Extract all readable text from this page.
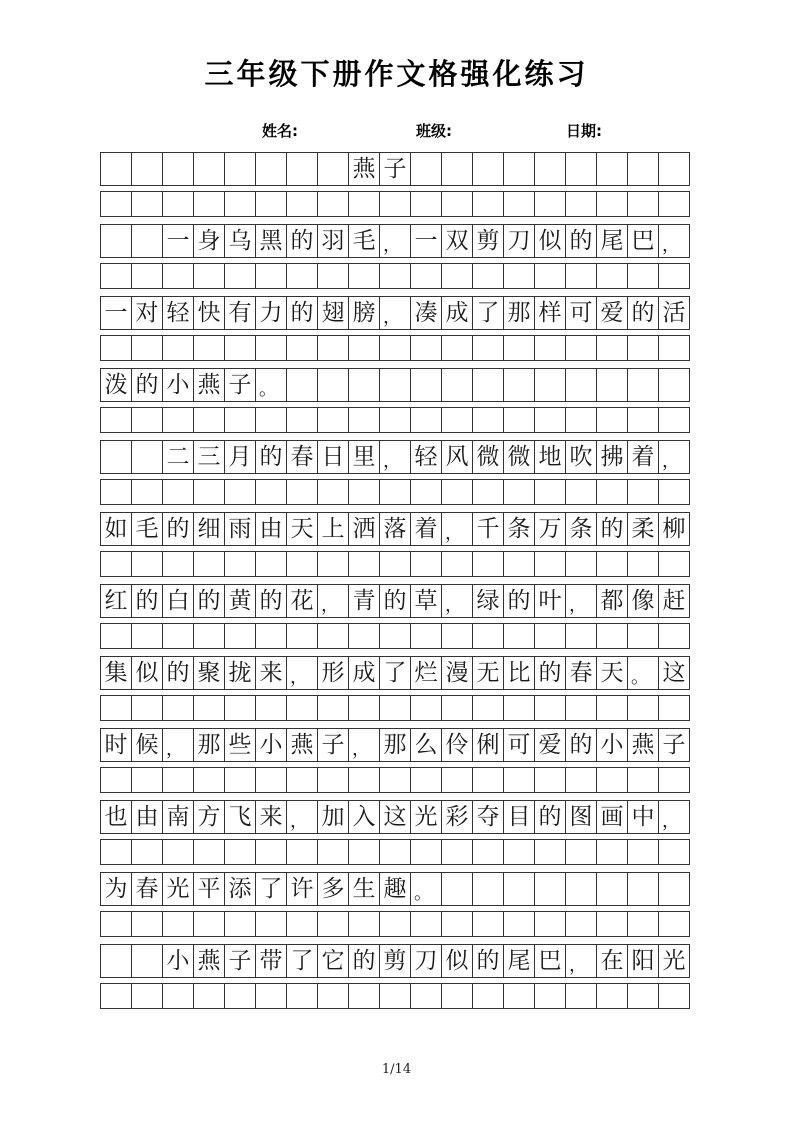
三年级下册作文格强化练习
姓名:	班级:	日期:
燕 子
一 身 乌 黑 的 羽 毛 ， 一 双 剪 刀 似 的 尾 巴 ，
一 对 轻 快 有 力 的 翅 膀 ， 凑 成 了 那 样 可 爱 的 活
泼 的 小 燕 子 。
二 三 月 的 春 日 里 ， 轻 风 微 微 地 吹 拂 着 ，
如 毛 的 细 雨 由 天 上 洒 落 着 ， 千 条 万 条 的 柔 柳
红 的 白 的 黄 的 花 ， 青 的 草 ， 绿 的 叶 ， 都 像 赶
集 似 的 聚 拢 来 ， 形 成 了 烂 漫 无 比 的 春 天 。 这
时 候 ， 那 些 小 燕 子 ， 那 么 伶 俐 可 爱 的 小 燕 子
也 由 南 方 飞 来 ， 加 入 这 光 彩 夺 目 的 图 画 中 ，
为 春 光 平 添 了 许 多 生 趣 。
小 燕 子 带 了 它 的 剪 刀 似 的 尾 巴 ， 在 阳 光
1/14
